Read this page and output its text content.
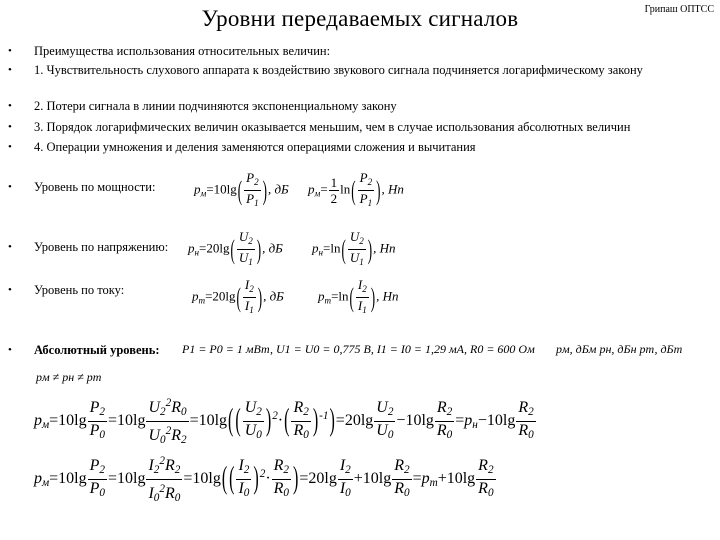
Уровни передаваемых сигналов	Грипаш ОПТСС
• Преимущества использования относительных величин:
• 1. Чувствительность слухового аппарата к воздействию звукового сигнала подчиняется логарифмическому закону
• 2. Потери сигнала в линии подчиняются экспоненциальному закону
• 3. Порядок логарифмических величин оказывается меньшим, чем в случае использования абсолютных величин
• 4. Операции умножения и деления заменяются операциями сложения и вычитания
• Уровень по мощности:	$p_м=10\lg( \frac{P_2}{P_1}$ ), дБ $p_м= \frac{1}{2} \ln( \frac{P_2}{P_1}$ ), Нп
• Уровень по напряжению: $p_н=20\lg( \frac{U_2}{U_1}$ ), дБ $p_н=\ln( \frac{U_2}{U_1}$ ), Нп
• Уровень по току:	$p_т=20\lg( \frac{I_2}{I_1}$ ), дБ	$p_т=\ln( \frac{I_2}{I_1}$ ), Нп
• Абсолютный уровень: P1 = P0 = 1 мВт, U1 = U0 = 0,775 В, I1 = I0 = 1,29 мА, R0 = 600 Ом pм, дБм pн, дБн pт, дБт
pм ≠ pн ≠ pт
$p_м=10\lg \frac{P_2}{P_0} =10\lg \frac{U_2^2R_0}{U_0^2R_2} =10\lg$( ( $\frac{U_2}{U_0} )^2\cdot( \frac{R_2}{R_0} )^{-1})=20\lg \frac{U_2}{U_0} -10\lg \frac{R_2}{R_0} =p_н-10\lg \frac{R_2}{R_0}$
$p_м=10\lg \frac{P_2}{P_0} =10\lg \frac{I_2^2R_2}{I_0^2R_0} =10\lg$( ( $\frac{I_2}{I_0} )^2\cdot \frac{R_2}{R_0} )=20\lg \frac{I_2}{I_0} +10\lg \frac{R_2}{R_0} =p_т+10\lg \frac{R_2}{R_0}$
